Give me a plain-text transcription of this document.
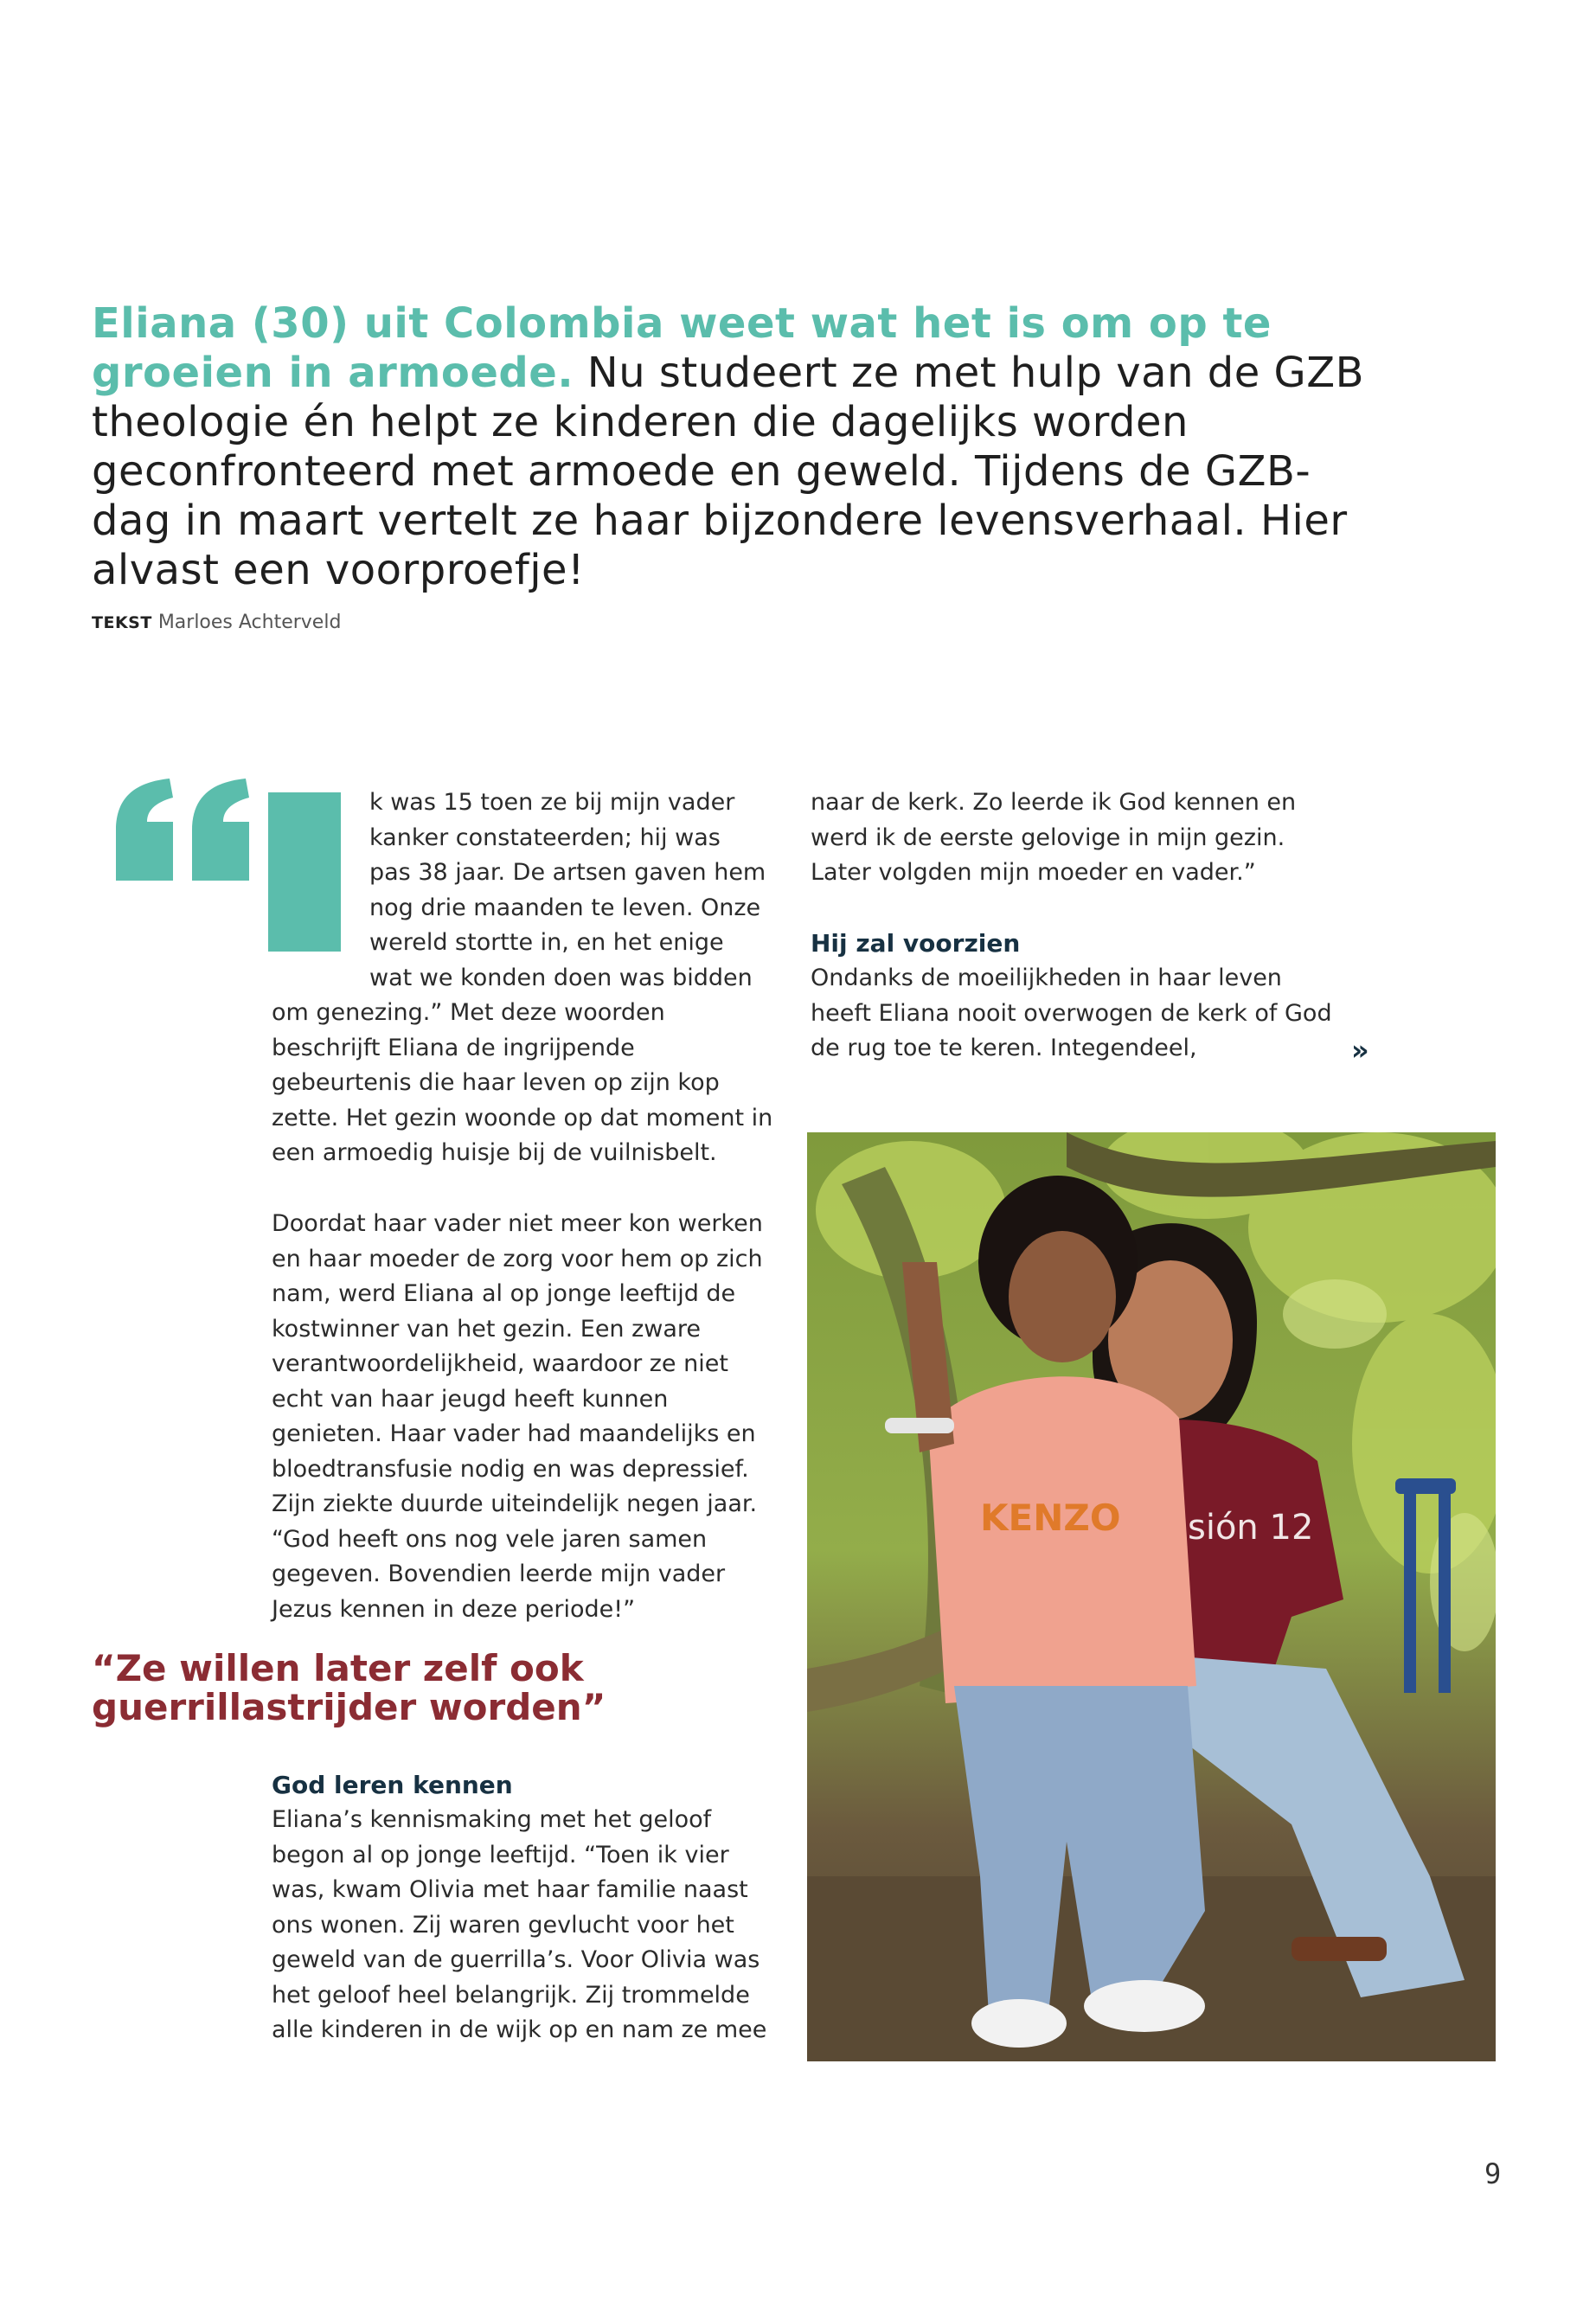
Eliana (30) uit Colombia weet wat het is om op te groeien in armoede. Nu studeert ze met hulp van de GZB theologie én helpt ze kinderen die dagelijks worden geconfronteerd met armoede en geweld. Tijdens de GZB-dag in maart vertelt ze haar bijzondere levensverhaal. Hier alvast een voorproefje!

TEKST Marloes Achterveld
k was 15 toen ze bij mijn vader
kanker constateerden; hij was
pas 38 jaar. De artsen gaven hem
nog drie maanden te leven. Onze
wereld stortte in, en het enige
wat we konden doen was bidden

om genezing.” Met deze woorden beschrijft Eliana de ingrijpende gebeurtenis die haar leven op zijn kop zette. Het gezin woonde op dat moment in een armoedig huisje bij de vuilnisbelt.

Doordat haar vader niet meer kon werken en haar moeder de zorg voor hem op zich nam, werd Eliana al op jonge leeftijd de kostwinner van het gezin. Een zware verantwoordelijkheid, waardoor ze niet echt van haar jeugd heeft kunnen genieten. Haar vader had maandelijks en bloedtransfusie nodig en was depressief. Zijn ziekte duurde uiteindelijk negen jaar. “God heeft ons nog vele jaren samen gegeven. Bovendien leerde mijn vader Jezus kennen in deze periode!”

“Ze willen later zelf ook guerrillastrijder worden”

God leren kennen

Eliana’s kennismaking met het geloof begon al op jonge leeftijd. “Toen ik vier was, kwam Olivia met haar familie naast ons wonen. Zij waren gevlucht voor het geweld van de guerrilla’s. Voor Olivia was het geloof heel belangrijk. Zij trommelde alle kinderen in de wijk op en nam ze mee

naar de kerk. Zo leerde ik God kennen en werd ik de eerste gelovige in mijn gezin. Later volgden mijn moeder en vader.”

Hij zal voorzien

Ondanks de moeilijkheden in haar leven heeft Eliana nooit overwogen de kerk of God de rug toe te keren. Integendeel,	»
sión 12
KENZO
9
